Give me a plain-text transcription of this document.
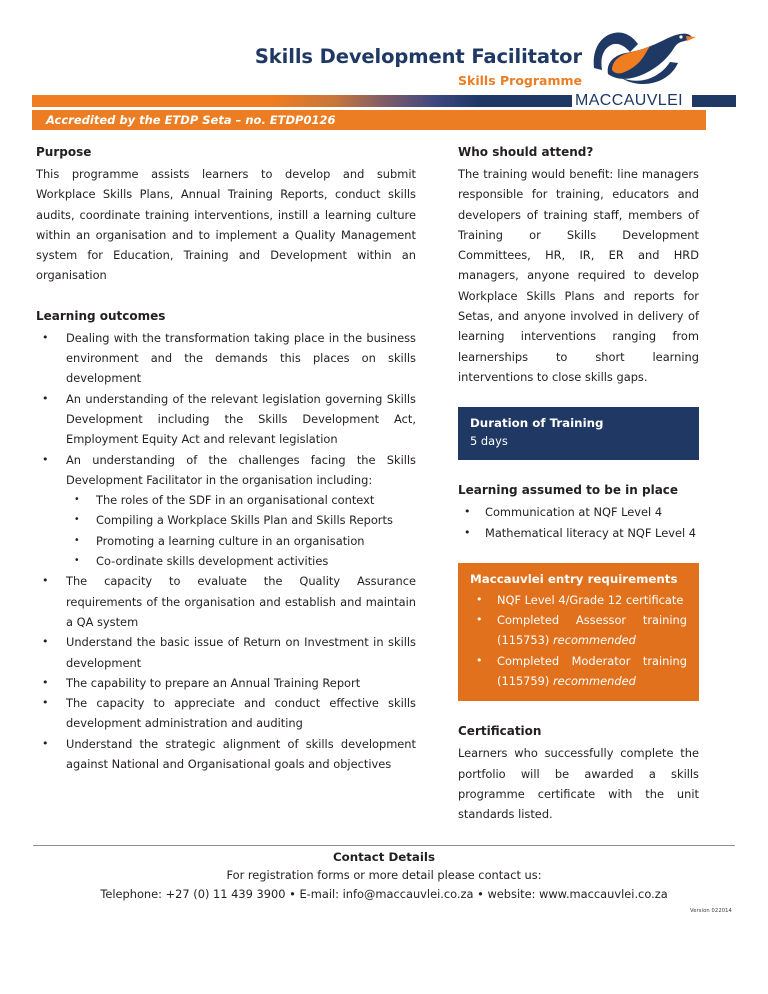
Skills Development Facilitator
Skills Programme
MACCAUVLEI
Accredited by the ETDP Seta – no. ETDP0126
Purpose

This programme assists learners to develop and submit Workplace Skills Plans, Annual Training Reports, conduct skills audits, coordinate training interventions, instill a learning culture within an organisation and to implement a Quality Management system for Education, Training and Development within an organisation

Learning outcomes
• Dealing with the transformation taking place in the business environment and the demands this places on skills development
• An understanding of the relevant legislation governing Skills Development including the Skills Development Act, Employment Equity Act and relevant legislation
• An understanding of the challenges facing the Skills Development Facilitator in the organisation including:
• The roles of the SDF in an organisational context
• Compiling a Workplace Skills Plan and Skills Reports
• Promoting a learning culture in an organisation
• Co-ordinate skills development activities
• The capacity to evaluate the Quality Assurance requirements of the organisation and establish and maintain a QA system
• Understand the basic issue of Return on Investment in skills development
• The capability to prepare an Annual Training Report
• The capacity to appreciate and conduct effective skills development administration and auditing
• Understand the strategic alignment of skills development against National and Organisational goals and objectives
Who should attend?

The training would benefit: line managers responsible for training, educators and developers of training staff, members of Training or Skills Development Committees, HR, IR, ER and HRD managers, anyone required to develop Workplace Skills Plans and reports for Setas, and anyone involved in delivery of learning interventions ranging from learnerships to short learning interventions to close skills gaps.

Duration of Training
5 days
Learning assumed to be in place
• Communication at NQF Level 4
• Mathematical literacy at NQF Level 4
Maccauvlei entry requirements
• NQF Level 4/Grade 12 certificate
• Completed Assessor training (115753) recommended
• Completed Moderator training (115759) recommended
Certification

Learners who successfully complete the portfolio will be awarded a skills programme certificate with the unit standards listed.

Contact Details
For registration forms or more detail please contact us:
Telephone: +27 (0) 11 439 3900 • E-mail: info@maccauvlei.co.za • website: www.maccauvlei.co.za
Version 022014
